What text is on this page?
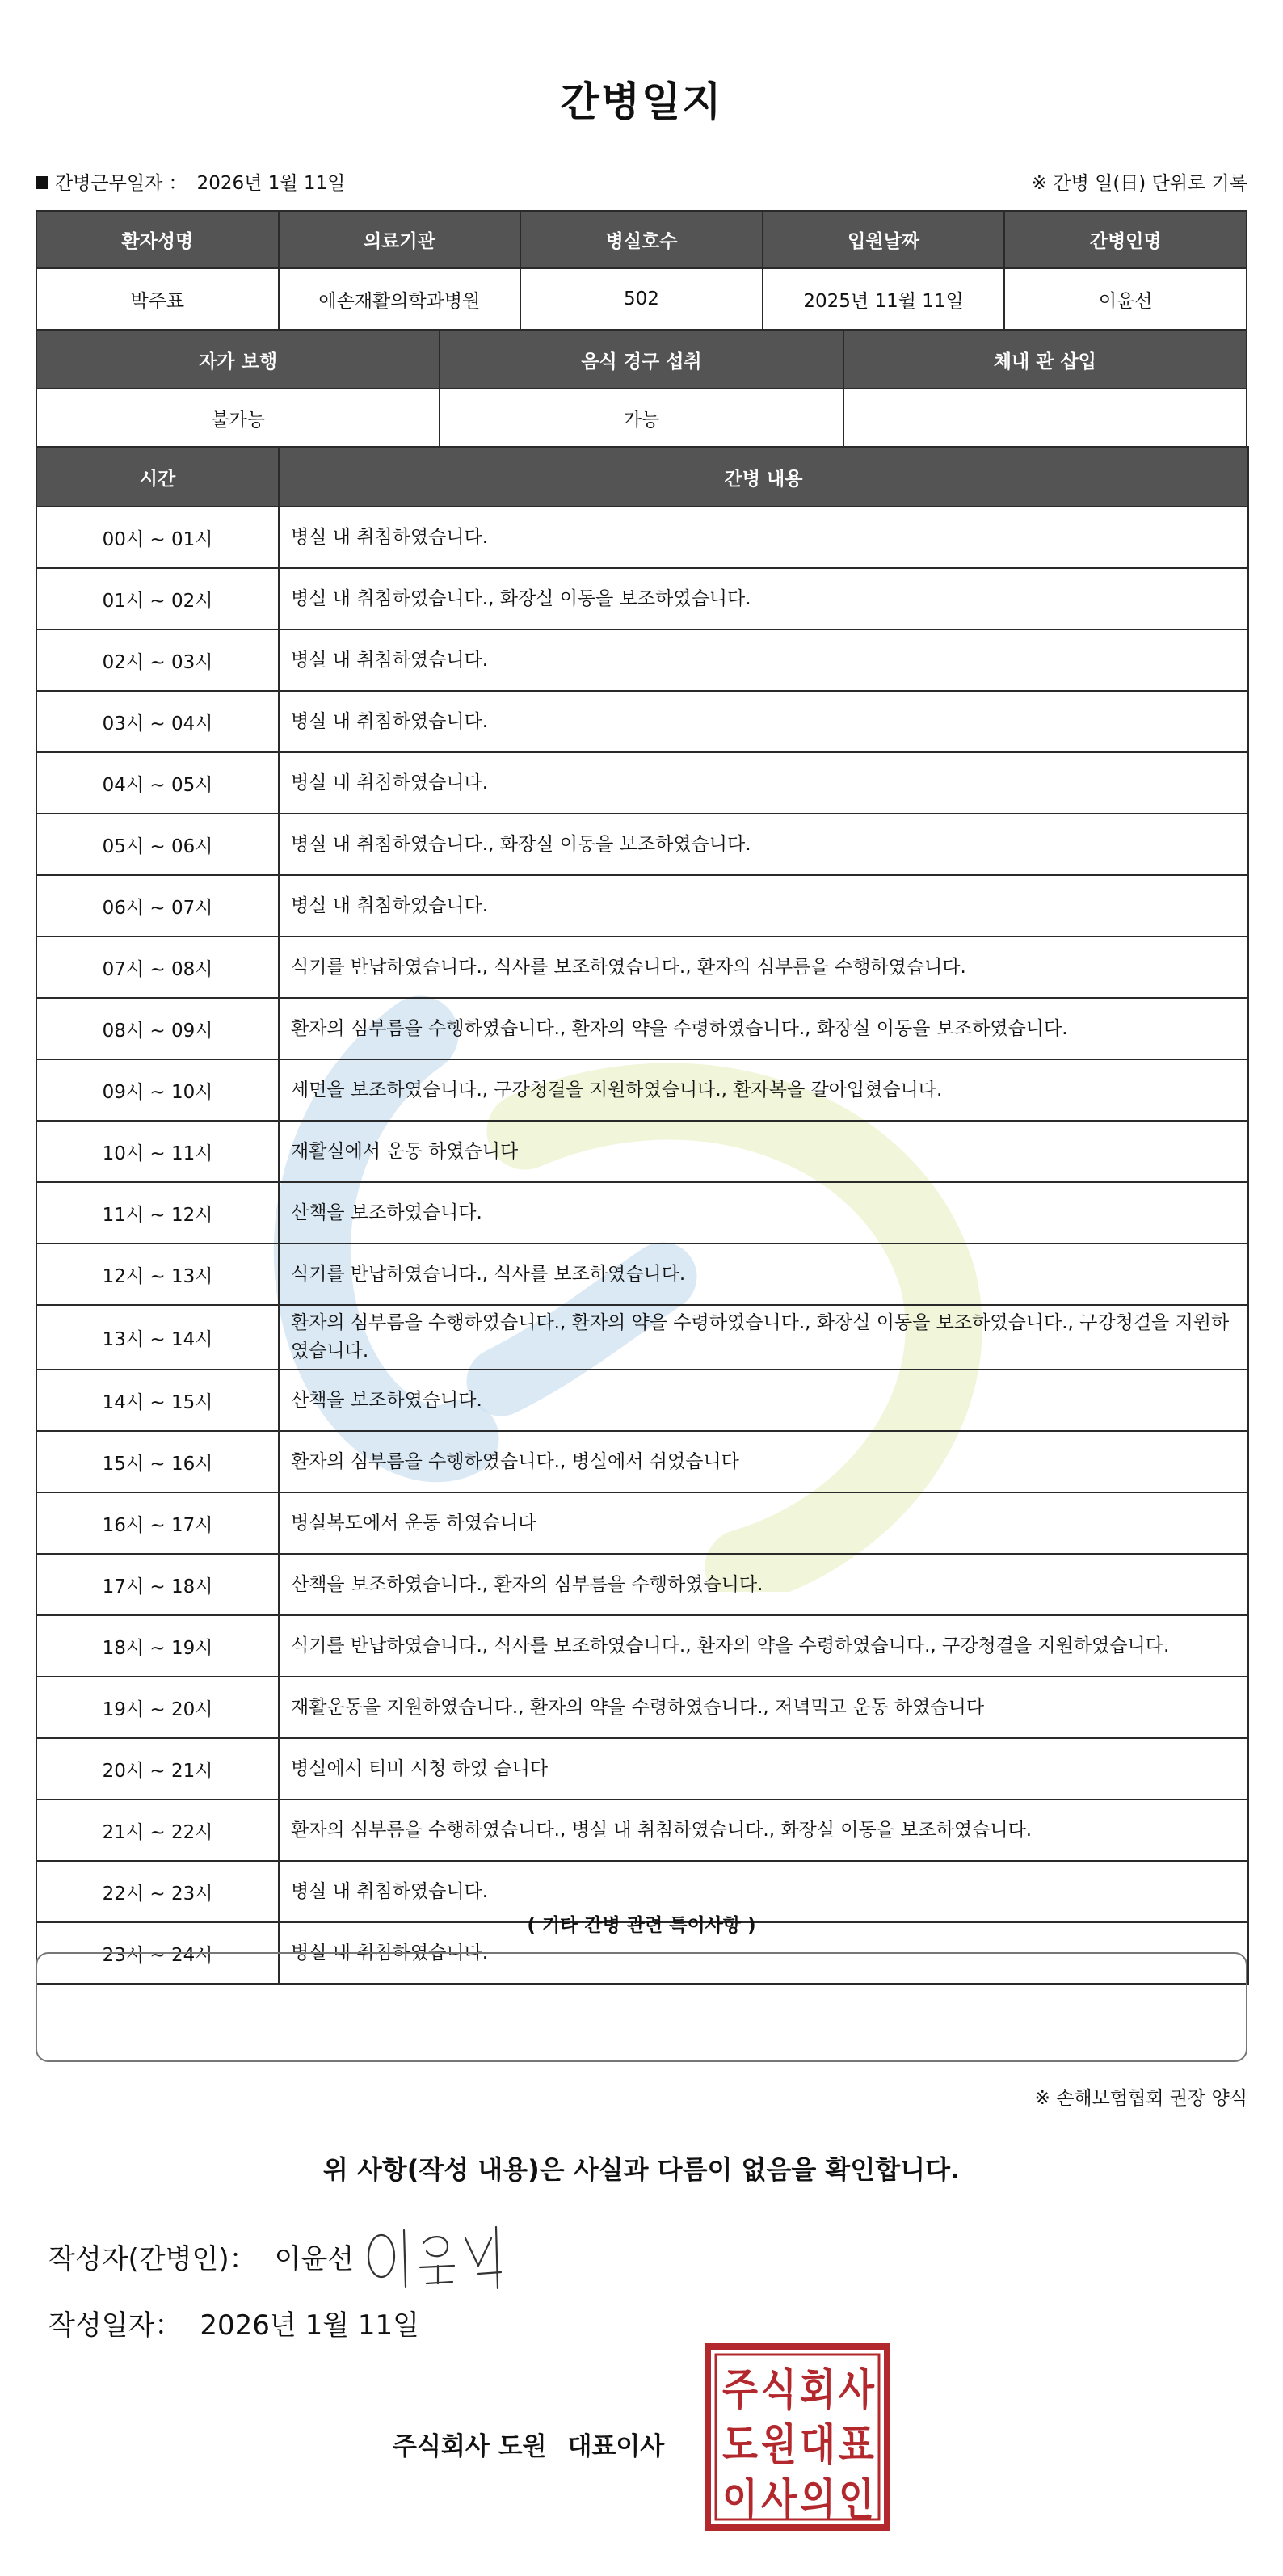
간병일지
간병근무일자 ： 2026년 1월 11일	※ 간병 일(日) 단위로 기록
환자성명	의료기관	병실호수	입원날짜	간병인명
박주표	예손재활의학과병원	502	2025년 11월 11일	이윤선
자가 보행	음식 경구 섭취	체내 관 삽입
불가능	가능	
시간	간병 내용
00시 ~ 01시	병실 내 취침하였습니다.
01시 ~ 02시	병실 내 취침하였습니다., 화장실 이동을 보조하였습니다.
02시 ~ 03시	병실 내 취침하였습니다.
03시 ~ 04시	병실 내 취침하였습니다.
04시 ~ 05시	병실 내 취침하였습니다.
05시 ~ 06시	병실 내 취침하였습니다., 화장실 이동을 보조하였습니다.
06시 ~ 07시	병실 내 취침하였습니다.
07시 ~ 08시	식기를 반납하였습니다., 식사를 보조하였습니다., 환자의 심부름을 수행하였습니다.
08시 ~ 09시	환자의 심부름을 수행하였습니다., 환자의 약을 수령하였습니다., 화장실 이동을 보조하였습니다.
09시 ~ 10시	세면을 보조하였습니다., 구강청결을 지원하였습니다., 환자복을 갈아입혔습니다.
10시 ~ 11시	재활실에서 운동 하였습니다
11시 ~ 12시	산책을 보조하였습니다.
12시 ~ 13시	식기를 반납하였습니다., 식사를 보조하였습니다.
13시 ~ 14시	환자의 심부름을 수행하였습니다., 환자의 약을 수령하였습니다., 화장실 이동을 보조하였습니다., 구강청결을 지원하였습니다.
14시 ~ 15시	산책을 보조하였습니다.
15시 ~ 16시	환자의 심부름을 수행하였습니다., 병실에서 쉬었습니다
16시 ~ 17시	병실복도에서 운동 하였습니다
17시 ~ 18시	산책을 보조하였습니다., 환자의 심부름을 수행하였습니다.
18시 ~ 19시	식기를 반납하였습니다., 식사를 보조하였습니다., 환자의 약을 수령하였습니다., 구강청결을 지원하였습니다.
19시 ~ 20시	재활운동을 지원하였습니다., 환자의 약을 수령하였습니다., 저녁먹고 운동 하였습니다
20시 ~ 21시	병실에서 티비 시청 하였 습니다
21시 ~ 22시	환자의 심부름을 수행하였습니다., 병실 내 취침하였습니다., 화장실 이동을 보조하였습니다.
22시 ~ 23시	병실 내 취침하였습니다.
23시 ~ 24시	병실 내 취침하였습니다.
( 기타 간병 관련 특이사항 )
※ 손해보험협회 권장 양식
위 사항(작성 내용)은 사실과 다름이 없음을 확인합니다.
작성자(간병인)： 이윤선
작성일자： 2026년 1월 11일
주식회사 도원 대표이사
주 식 회 사
도 원 대 표
이 사 의 인
